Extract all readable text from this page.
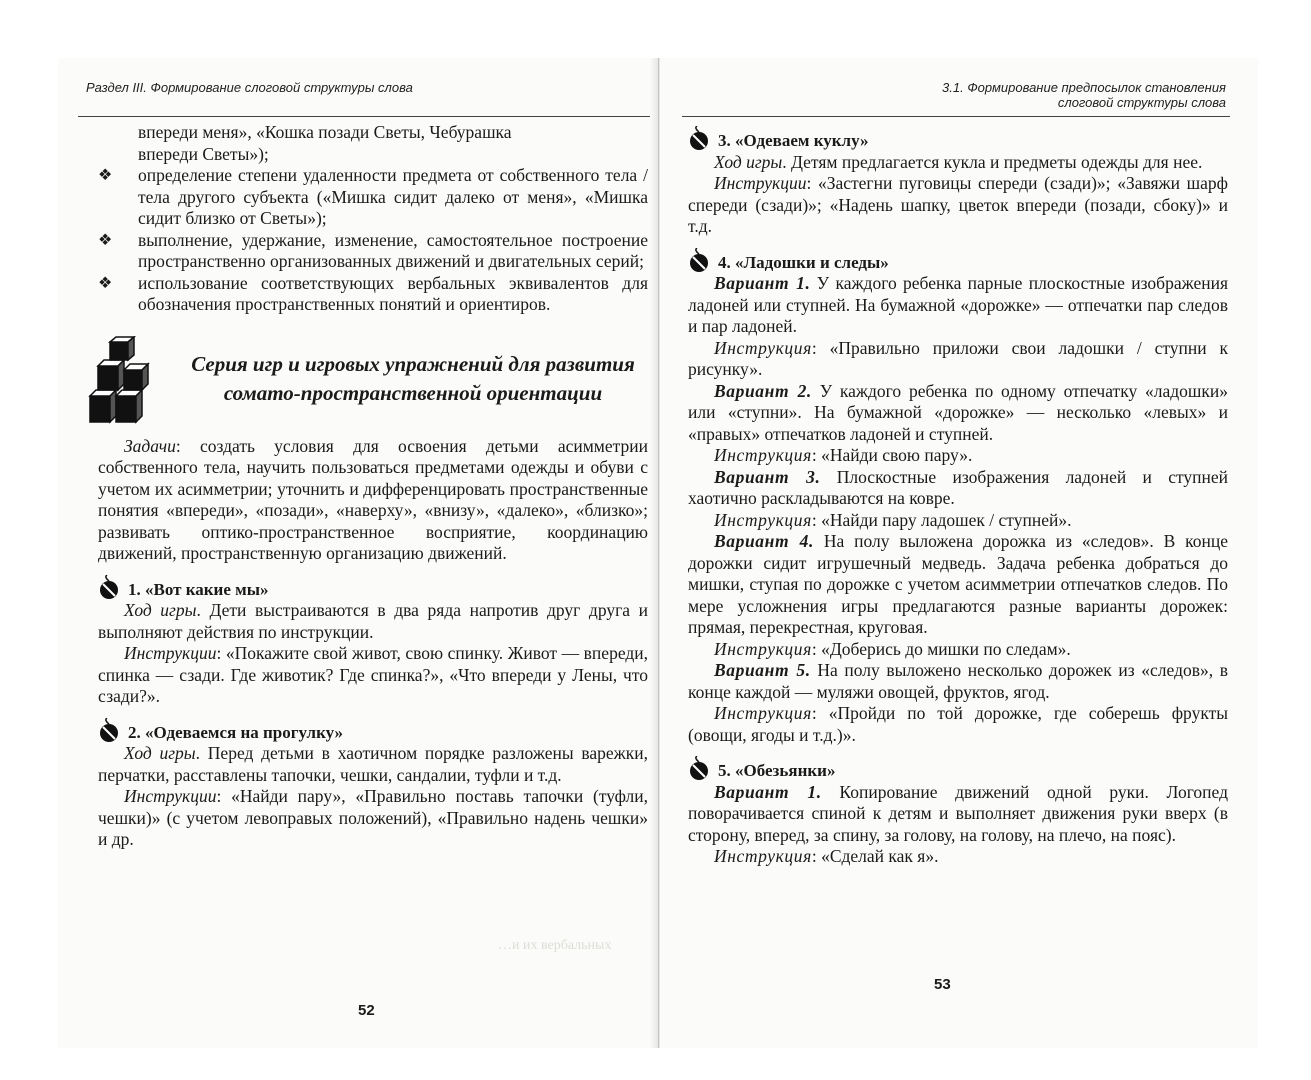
Раздел III. Формирование слоговой структуры слова

впереди меня», «Кошка позади Светы, Чебурашка

впереди Светы»);

❖ определение степени удаленности предмета от собственного тела / тела другого субъекта («Мишка сидит далеко от меня», «Мишка сидит близко от Светы»);
❖ выполнение, удержание, изменение, самостоятельное построение пространственно организованных движений и двигательных серий;
❖ использование соответствующих вербальных эквивалентов для обозначения пространственных понятий и ориентиров.
Серия игр и игровых упражнений для развития
сомато-пространственной ориентации

Задачи: создать условия для освоения детьми асимметрии собственного тела, научить пользоваться предметами одежды и обуви с учетом их асимметрии; уточнить и дифференцировать пространственные понятия «впереди», «позади», «наверху», «внизу», «далеко», «близко»; развивать оптико-пространственное восприятие, координацию движений, пространственную организацию движений.

1. «Вот какие мы»

Ход игры. Дети выстраиваются в два ряда напротив друг друга и выполняют действия по инструкции.

Инструкции: «Покажите свой живот, свою спинку. Живот — впереди, спинка — сзади. Где животик? Где спинка?», «Что впереди у Лены, что сзади?».

2. «Одеваемся на прогулку»

Ход игры. Перед детьми в хаотичном порядке разложены варежки, перчатки, расставлены тапочки, чешки, сандалии, туфли и т.д.

Инструкции: «Найди пару», «Правильно поставь тапочки (туфли, чешки)» (с учетом левоправых положений), «Правильно надень чешки» и др.

…и их вербальных
52
3.1. Формирование предпосылок становления
слоговой структуры слова
3. «Одеваем куклу»

Ход игры. Детям предлагается кукла и предметы одежды для нее.

Инструкции: «Застегни пуговицы спереди (сзади)»; «Завяжи шарф спереди (сзади)»; «Надень шапку, цветок впереди (позади, сбоку)» и т.д.

4. «Ладошки и следы»

Вариант 1. У каждого ребенка парные плоскостные изображения ладоней или ступней. На бумажной «дорожке» — отпечатки пар следов и пар ладоней.

Инструкция: «Правильно приложи свои ладошки / ступни к рисунку».

Вариант 2. У каждого ребенка по одному отпечатку «ладошки» или «ступни». На бумажной «дорожке» — несколько «левых» и «правых» отпечатков ладоней и ступней.

Инструкция: «Найди свою пару».

Вариант 3. Плоскостные изображения ладоней и ступней хаотично раскладываются на ковре.

Инструкция: «Найди пару ладошек / ступней».

Вариант 4. На полу выложена дорожка из «следов». В конце дорожки сидит игрушечный медведь. Задача ребенка добраться до мишки, ступая по дорожке с учетом асимметрии отпечатков следов. По мере усложнения игры предлагаются разные варианты дорожек: прямая, перекрестная, круговая.

Инструкция: «Доберись до мишки по следам».

Вариант 5. На полу выложено несколько дорожек из «следов», в конце каждой — муляжи овощей, фруктов, ягод.

Инструкция: «Пройди по той дорожке, где соберешь фрукты (овощи, ягоды и т.д.)».

5. «Обезьянки»

Вариант 1. Копирование движений одной руки. Логопед поворачивается спиной к детям и выполняет движения руки вверх (в сторону, вперед, за спину, за голову, на голову, на плечо, на пояс).

Инструкция: «Сделай как я».

53
